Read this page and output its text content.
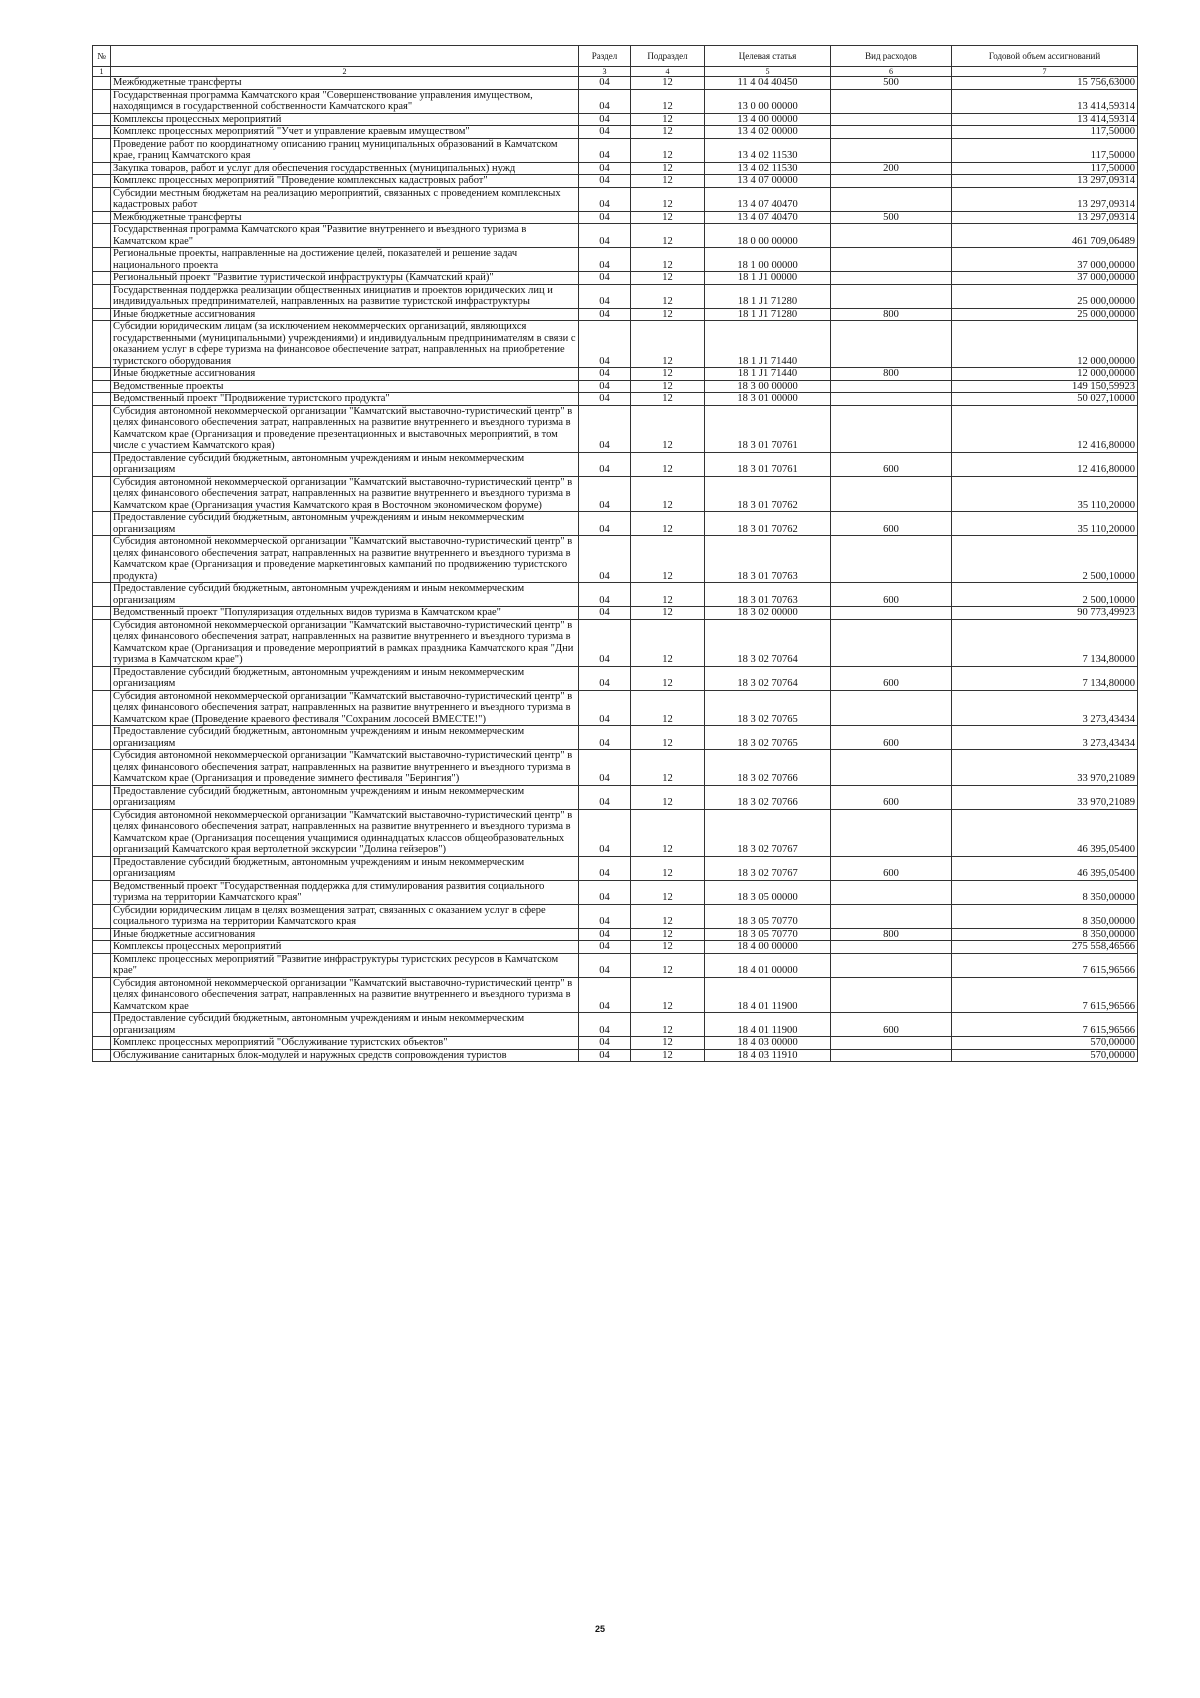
№		Раздел	Подраздел	Целевая статья	Вид расходов	Годовой объем ассигнований
1	2	3	4	5	6	7
	Межбюджетные трансферты	04	12	11 4 04 40450	500	15 756,63000
	Государственная программа Камчатского края "Совершенствование управления имуществом, находящимся в государственной собственности Камчатского края"	04	12	13 0 00 00000		13 414,59314
	Комплексы процессных мероприятий	04	12	13 4 00 00000		13 414,59314
	Комплекс процессных мероприятий "Учет и управление краевым имуществом"	04	12	13 4 02 00000		117,50000
	Проведение работ по координатному описанию границ муниципальных образований в Камчатском крае, границ Камчатского края	04	12	13 4 02 11530		117,50000
	Закупка товаров, работ и услуг для обеспечения государственных (муниципальных) нужд	04	12	13 4 02 11530	200	117,50000
	Комплекс процессных мероприятий "Проведение комплексных кадастровых работ"	04	12	13 4 07 00000		13 297,09314
	Субсидии местным бюджетам на реализацию мероприятий, связанных с проведением комплексных кадастровых работ	04	12	13 4 07 40470		13 297,09314
	Межбюджетные трансферты	04	12	13 4 07 40470	500	13 297,09314
	Государственная программа Камчатского края "Развитие внутреннего и въездного туризма в Камчатском крае"	04	12	18 0 00 00000		461 709,06489
	Региональные проекты, направленные на достижение целей, показателей и решение задач национального проекта	04	12	18 1 00 00000		37 000,00000
	Региональный проект "Развитие туристической инфраструктуры (Камчатский край)"	04	12	18 1 J1 00000		37 000,00000
	Государственная поддержка реализации общественных инициатив и проектов юридических лиц и индивидуальных предпринимателей, направленных на развитие туристской инфраструктуры	04	12	18 1 J1 71280		25 000,00000
	Иные бюджетные ассигнования	04	12	18 1 J1 71280	800	25 000,00000
	Субсидии юридическим лицам (за исключением некоммерческих организаций, являющихся государственными (муниципальными) учреждениями) и индивидуальным предпринимателям в связи с оказанием услуг в сфере туризма на финансовое обеспечение затрат, направленных на приобретение туристского оборудования	04	12	18 1 J1 71440		12 000,00000
	Иные бюджетные ассигнования	04	12	18 1 J1 71440	800	12 000,00000
	Ведомственные проекты	04	12	18 3 00 00000		149 150,59923
	Ведомственный проект "Продвижение туристского продукта"	04	12	18 3 01 00000		50 027,10000
	Субсидия автономной некоммерческой организации "Камчатский выставочно-туристический центр" в целях финансового обеспечения затрат, направленных на развитие внутреннего и въездного туризма в Камчатском крае (Организация и проведение презентационных и выставочных мероприятий, в том числе с участием Камчатского края)	04	12	18 3 01 70761		12 416,80000
	Предоставление субсидий бюджетным, автономным учреждениям и иным некоммерческим организациям	04	12	18 3 01 70761	600	12 416,80000
	Субсидия автономной некоммерческой организации "Камчатский выставочно-туристический центр" в целях финансового обеспечения затрат, направленных на развитие внутреннего и въездного туризма в Камчатском крае (Организация участия Камчатского края в Восточном экономическом форуме)	04	12	18 3 01 70762		35 110,20000
	Предоставление субсидий бюджетным, автономным учреждениям и иным некоммерческим организациям	04	12	18 3 01 70762	600	35 110,20000
	Субсидия автономной некоммерческой организации "Камчатский выставочно-туристический центр" в целях финансового обеспечения затрат, направленных на развитие внутреннего и въездного туризма в Камчатском крае (Организация и проведение маркетинговых кампаний по продвижению туристского продукта)	04	12	18 3 01 70763		2 500,10000
	Предоставление субсидий бюджетным, автономным учреждениям и иным некоммерческим организациям	04	12	18 3 01 70763	600	2 500,10000
	Ведомственный проект "Популяризация отдельных видов туризма в Камчатском крае"	04	12	18 3 02 00000		90 773,49923
	Субсидия автономной некоммерческой организации "Камчатский выставочно-туристический центр" в целях финансового обеспечения затрат, направленных на развитие внутреннего и въездного туризма в Камчатском крае (Организация и проведение мероприятий в рамках праздника Камчатского края "Дни туризма в Камчатском крае")	04	12	18 3 02 70764		7 134,80000
	Предоставление субсидий бюджетным, автономным учреждениям и иным некоммерческим организациям	04	12	18 3 02 70764	600	7 134,80000
	Субсидия автономной некоммерческой организации "Камчатский выставочно-туристический центр" в целях финансового обеспечения затрат, направленных на развитие внутреннего и въездного туризма в Камчатском крае (Проведение краевого фестиваля "Сохраним лососей ВМЕСТЕ!")	04	12	18 3 02 70765		3 273,43434
	Предоставление субсидий бюджетным, автономным учреждениям и иным некоммерческим организациям	04	12	18 3 02 70765	600	3 273,43434
	Субсидия автономной некоммерческой организации "Камчатский выставочно-туристический центр" в целях финансового обеспечения затрат, направленных на развитие внутреннего и въездного туризма в Камчатском крае (Организация и проведение зимнего фестиваля "Берингия")	04	12	18 3 02 70766		33 970,21089
	Предоставление субсидий бюджетным, автономным учреждениям и иным некоммерческим организациям	04	12	18 3 02 70766	600	33 970,21089
	Субсидия автономной некоммерческой организации "Камчатский выставочно-туристический центр" в целях финансового обеспечения затрат, направленных на развитие внутреннего и въездного туризма в Камчатском крае (Организация посещения учащимися одиннадцатых классов общеобразовательных организаций Камчатского края вертолетной экскурсии "Долина гейзеров")	04	12	18 3 02 70767		46 395,05400
	Предоставление субсидий бюджетным, автономным учреждениям и иным некоммерческим организациям	04	12	18 3 02 70767	600	46 395,05400
	Ведомственный проект "Государственная поддержка для стимулирования развития социального туризма на территории Камчатского края"	04	12	18 3 05 00000		8 350,00000
	Субсидии юридическим лицам в целях возмещения затрат, связанных с оказанием услуг в сфере социального туризма на территории Камчатского края	04	12	18 3 05 70770		8 350,00000
	Иные бюджетные ассигнования	04	12	18 3 05 70770	800	8 350,00000
	Комплексы процессных мероприятий	04	12	18 4 00 00000		275 558,46566
	Комплекс процессных мероприятий "Развитие инфраструктуры туристских ресурсов в Камчатском крае"	04	12	18 4 01 00000		7 615,96566
	Субсидия автономной некоммерческой организации "Камчатский выставочно-туристический центр" в целях финансового обеспечения затрат, направленных на развитие внутреннего и въездного туризма в Камчатском крае	04	12	18 4 01 11900		7 615,96566
	Предоставление субсидий бюджетным, автономным учреждениям и иным некоммерческим организациям	04	12	18 4 01 11900	600	7 615,96566
	Комплекс процессных мероприятий "Обслуживание туристских объектов"	04	12	18 4 03 00000		570,00000
	Обслуживание санитарных блок-модулей и наружных средств сопровождения туристов	04	12	18 4 03 11910		570,00000
25
